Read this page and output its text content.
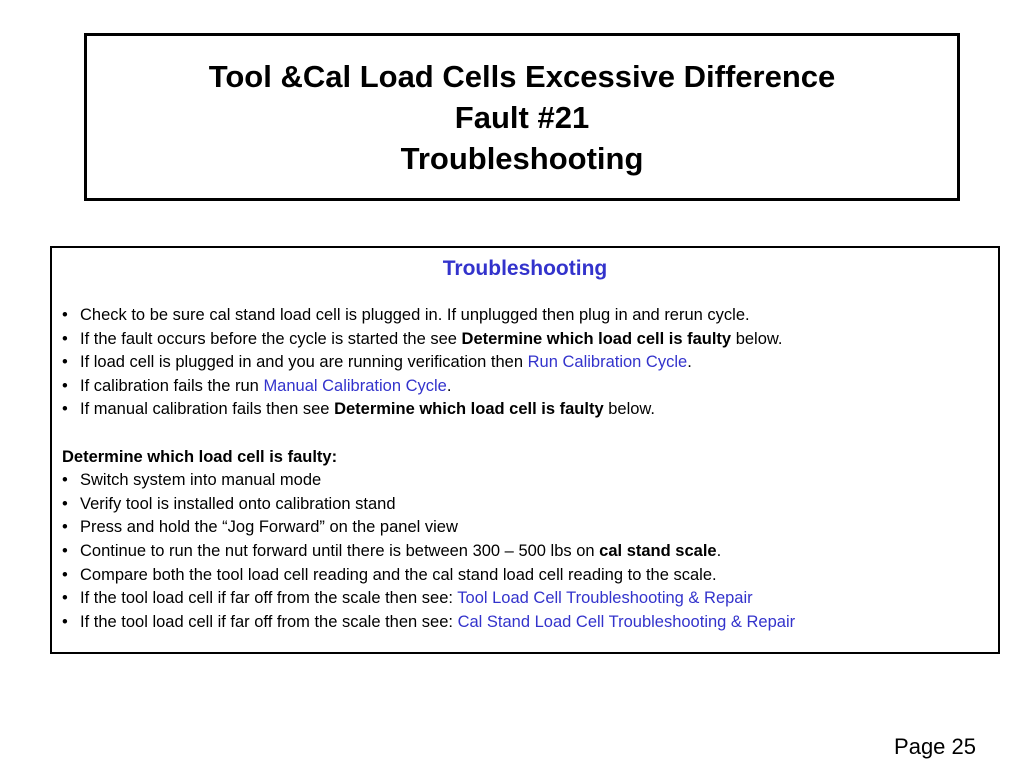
Tool &Cal Load Cells Excessive Difference
Fault #21
Troubleshooting
Troubleshooting
• Check to be sure cal stand load cell is plugged in. If unplugged then plug in and rerun cycle.
• If the fault occurs before the cycle is started the see Determine which load cell is faulty below.
• If load cell is plugged in and you are running verification then Run Calibration Cycle.
• If calibration fails the run Manual Calibration Cycle.
• If manual calibration fails then see Determine which load cell is faulty below.
Determine which load cell is faulty:
• Switch system into manual mode
• Verify tool is installed onto calibration stand
• Press and hold the “Jog Forward” on the panel view
• Continue to run the nut forward until there is between 300 – 500 lbs on cal stand scale.
• Compare both the tool load cell reading and the cal stand load cell reading to the scale.
• If the tool load cell if far off from the scale then see: Tool Load Cell Troubleshooting & Repair
• If the tool load cell if far off from the scale then see: Cal Stand Load Cell Troubleshooting & Repair
Page 25
